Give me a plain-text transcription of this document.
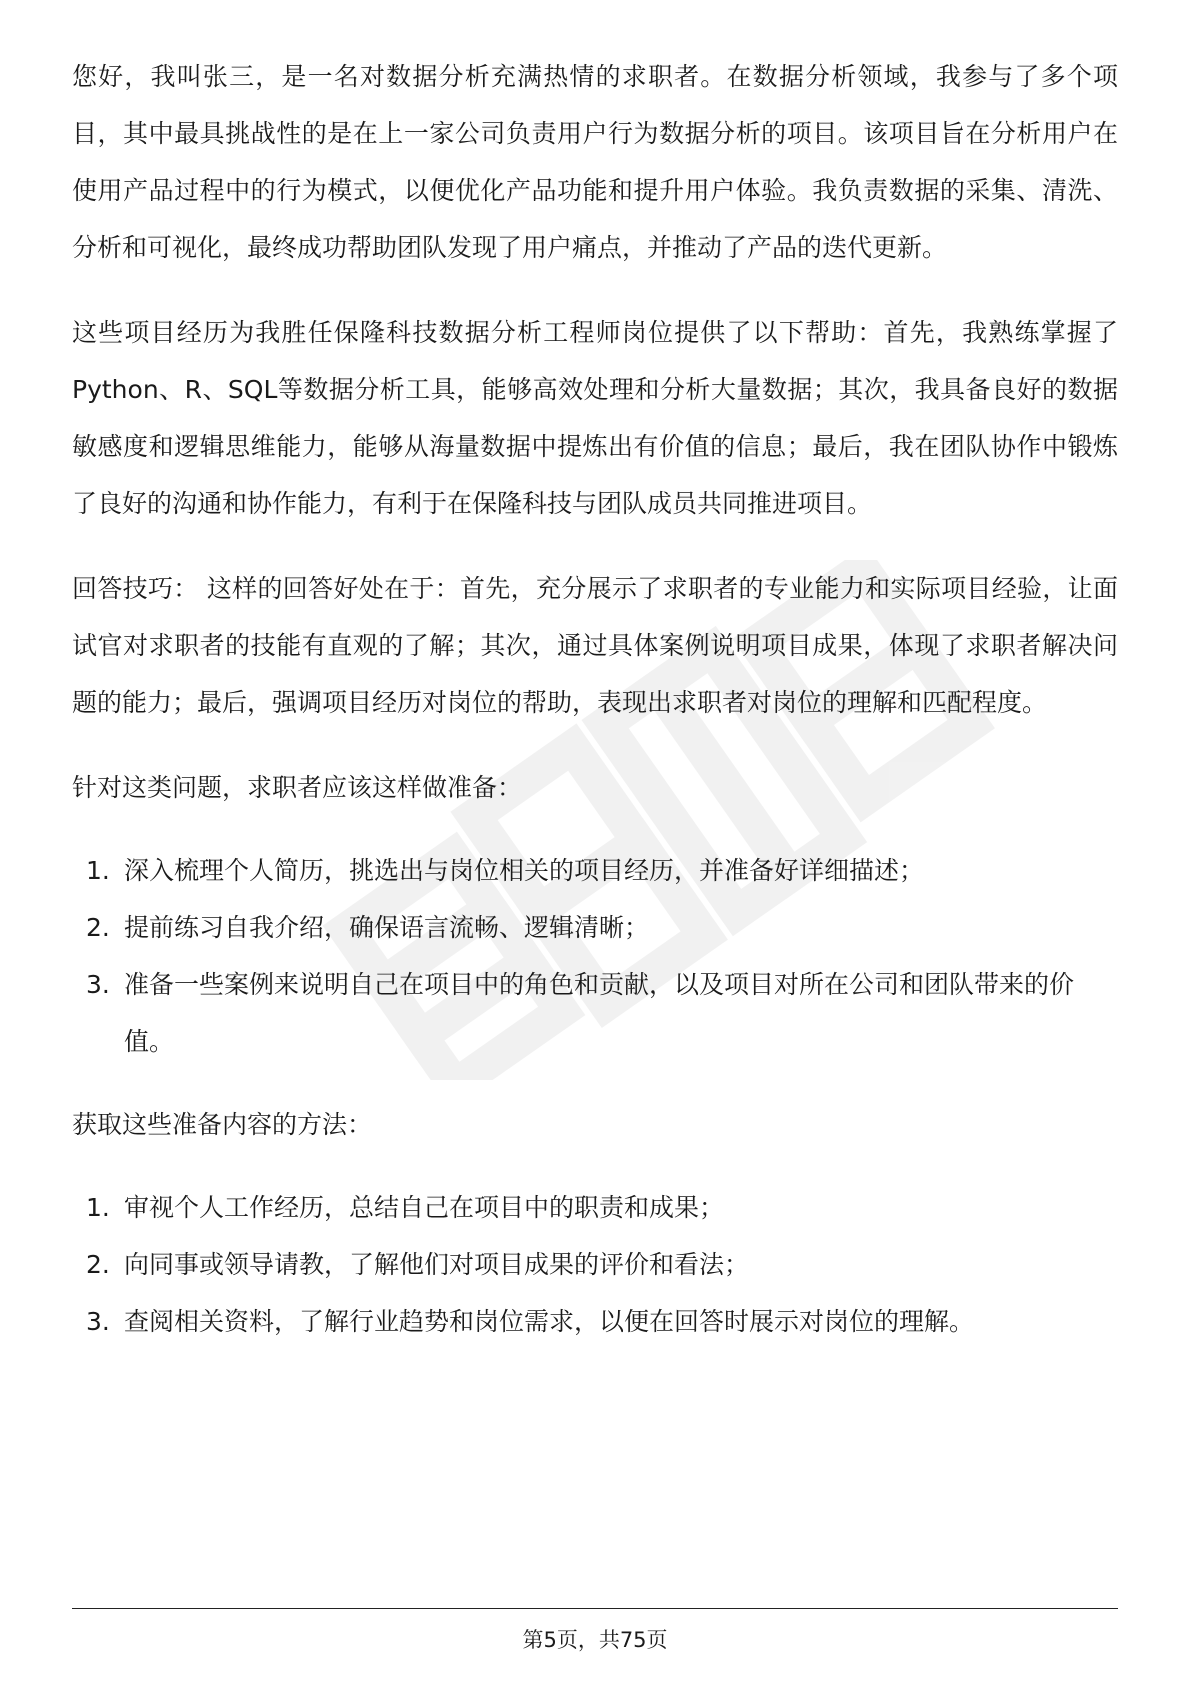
您好，我叫张三，是一名对数据分析充满热情的求职者。在数据分析领域，我参与了多个项目，其中最具挑战性的是在上一家公司负责用户行为数据分析的项目。该项目旨在分析用户在使用产品过程中的行为模式，以便优化产品功能和提升用户体验。我负责数据的采集、清洗、分析和可视化，最终成功帮助团队发现了用户痛点，并推动了产品的迭代更新。

这些项目经历为我胜任保隆科技数据分析工程师岗位提供了以下帮助：首先，我熟练掌握了Python、R、SQL等数据分析工具，能够高效处理和分析大量数据；其次，我具备良好的数据敏感度和逻辑思维能力，能够从海量数据中提炼出有价值的信息；最后，我在团队协作中锻炼了良好的沟通和协作能力，有利于在保隆科技与团队成员共同推进项目。

回答技巧： 这样的回答好处在于：首先，充分展示了求职者的专业能力和实际项目经验，让面试官对求职者的技能有直观的了解；其次，通过具体案例说明项目成果，体现了求职者解决问题的能力；最后，强调项目经历对岗位的帮助，表现出求职者对岗位的理解和匹配程度。

针对这类问题，求职者应该这样做准备：
1. 深入梳理个人简历，挑选出与岗位相关的项目经历，并准备好详细描述；
2. 提前练习自我介绍，确保语言流畅、逻辑清晰；
3. 准备一些案例来说明自己在项目中的角色和贡献，以及项目对所在公司和团队带来的价值。
获取这些准备内容的方法：
1. 审视个人工作经历，总结自己在项目中的职责和成果；
2. 向同事或领导请教，了解他们对项目成果的评价和看法；
3. 查阅相关资料，了解行业趋势和岗位需求，以便在回答时展示对岗位的理解。
第5页，共75页
